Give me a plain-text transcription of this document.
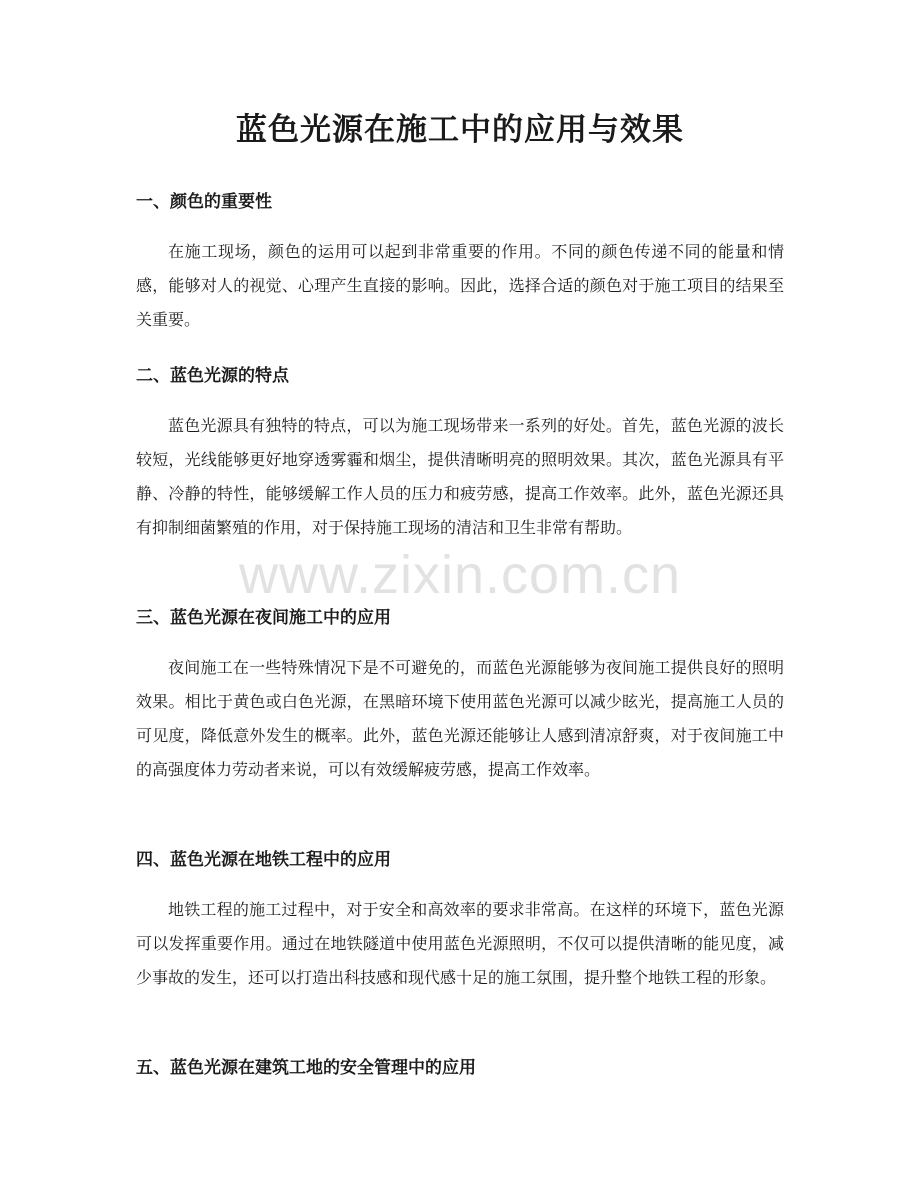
蓝色光源在施工中的应用与效果
一、颜色的重要性

在施工现场，颜色的运用可以起到非常重要的作用。不同的颜色传递不同的能量和情感，能够对人的视觉、心理产生直接的影响。因此，选择合适的颜色对于施工项目的结果至关重要。

二、蓝色光源的特点

蓝色光源具有独特的特点，可以为施工现场带来一系列的好处。首先，蓝色光源的波长较短，光线能够更好地穿透雾霾和烟尘，提供清晰明亮的照明效果。其次，蓝色光源具有平静、冷静的特性，能够缓解工作人员的压力和疲劳感，提高工作效率。此外，蓝色光源还具有抑制细菌繁殖的作用，对于保持施工现场的清洁和卫生非常有帮助。

三、蓝色光源在夜间施工中的应用

夜间施工在一些特殊情况下是不可避免的，而蓝色光源能够为夜间施工提供良好的照明效果。相比于黄色或白色光源，在黑暗环境下使用蓝色光源可以减少眩光，提高施工人员的可见度，降低意外发生的概率。此外，蓝色光源还能够让人感到清凉舒爽，对于夜间施工中的高强度体力劳动者来说，可以有效缓解疲劳感，提高工作效率。

四、蓝色光源在地铁工程中的应用

地铁工程的施工过程中，对于安全和高效率的要求非常高。在这样的环境下，蓝色光源可以发挥重要作用。通过在地铁隧道中使用蓝色光源照明，不仅可以提供清晰的能见度，减少事故的发生，还可以打造出科技感和现代感十足的施工氛围，提升整个地铁工程的形象。

五、蓝色光源在建筑工地的安全管理中的应用
www.zixin.com.cn
